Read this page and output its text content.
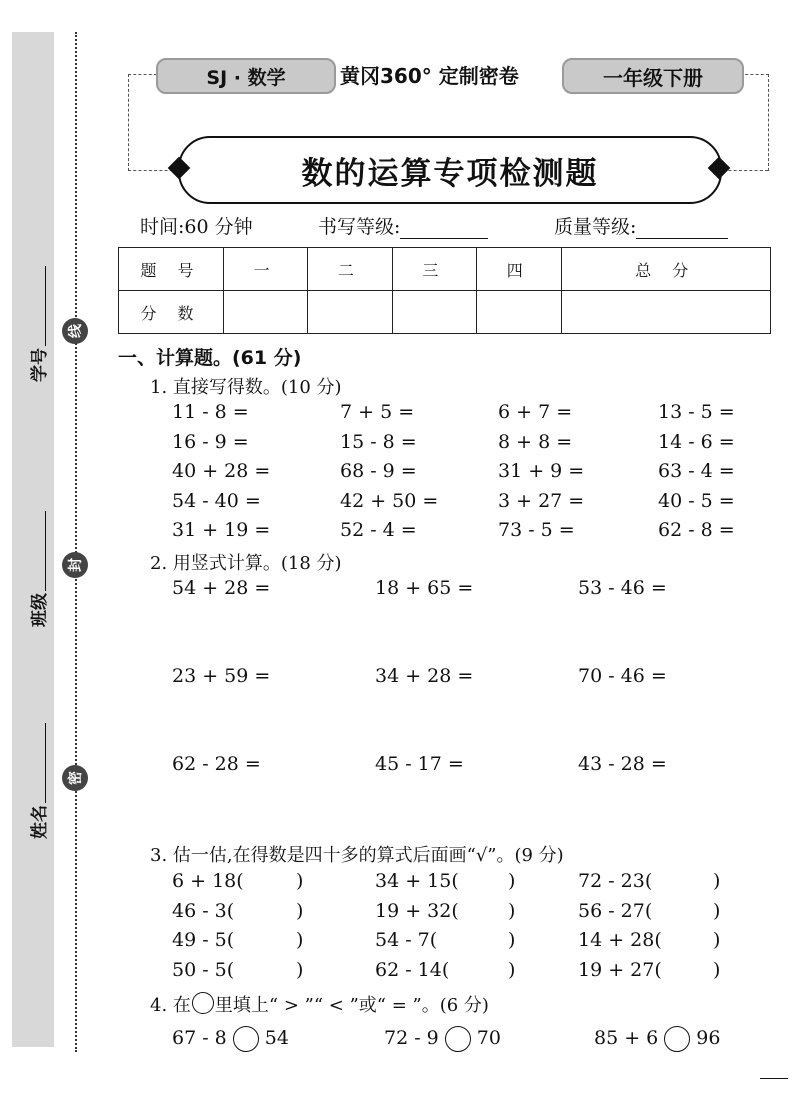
线
封
密
学号
班级
姓名
SJ · 数学	黄冈360° 定制密卷	一年级下册
数的运算专项检测题
时间:60 分钟	书写等级:	质量等级:
题 号	一	二	三	四	总 分
分 数					
一、计算题。(61 分)
1. 直接写得数。(10 分)
11 - 8 =	7 + 5 =	6 + 7 =	13 - 5 =
16 - 9 =	15 - 8 =	8 + 8 =	14 - 6 =
40 + 28 =	68 - 9 =	31 + 9 =	63 - 4 =
54 - 40 =	42 + 50 =	3 + 27 =	40 - 5 =
31 + 19 =	52 - 4 =	73 - 5 =	62 - 8 =
2. 用竖式计算。(18 分)
54 + 28 =	18 + 65 =	53 - 46 =
23 + 59 =	34 + 28 =	70 - 46 =
62 - 28 =	45 - 17 =	43 - 28 =
3. 估一估,在得数是四十多的算式后面画“√”。(9 分)
6 + 18(	)	34 + 15(	)	72 - 23(	)
46 - 3(	)	19 + 32(	)	56 - 27(	)
49 - 5(	)	54 - 7(	)	14 + 28(	)
50 - 5(	)	62 - 14(	)	19 + 27(	)
4. 在 里填上“ > ”“ < ”或“ = ”。(6 分)
67 - 8 54	72 - 9 70	85 + 6 96
